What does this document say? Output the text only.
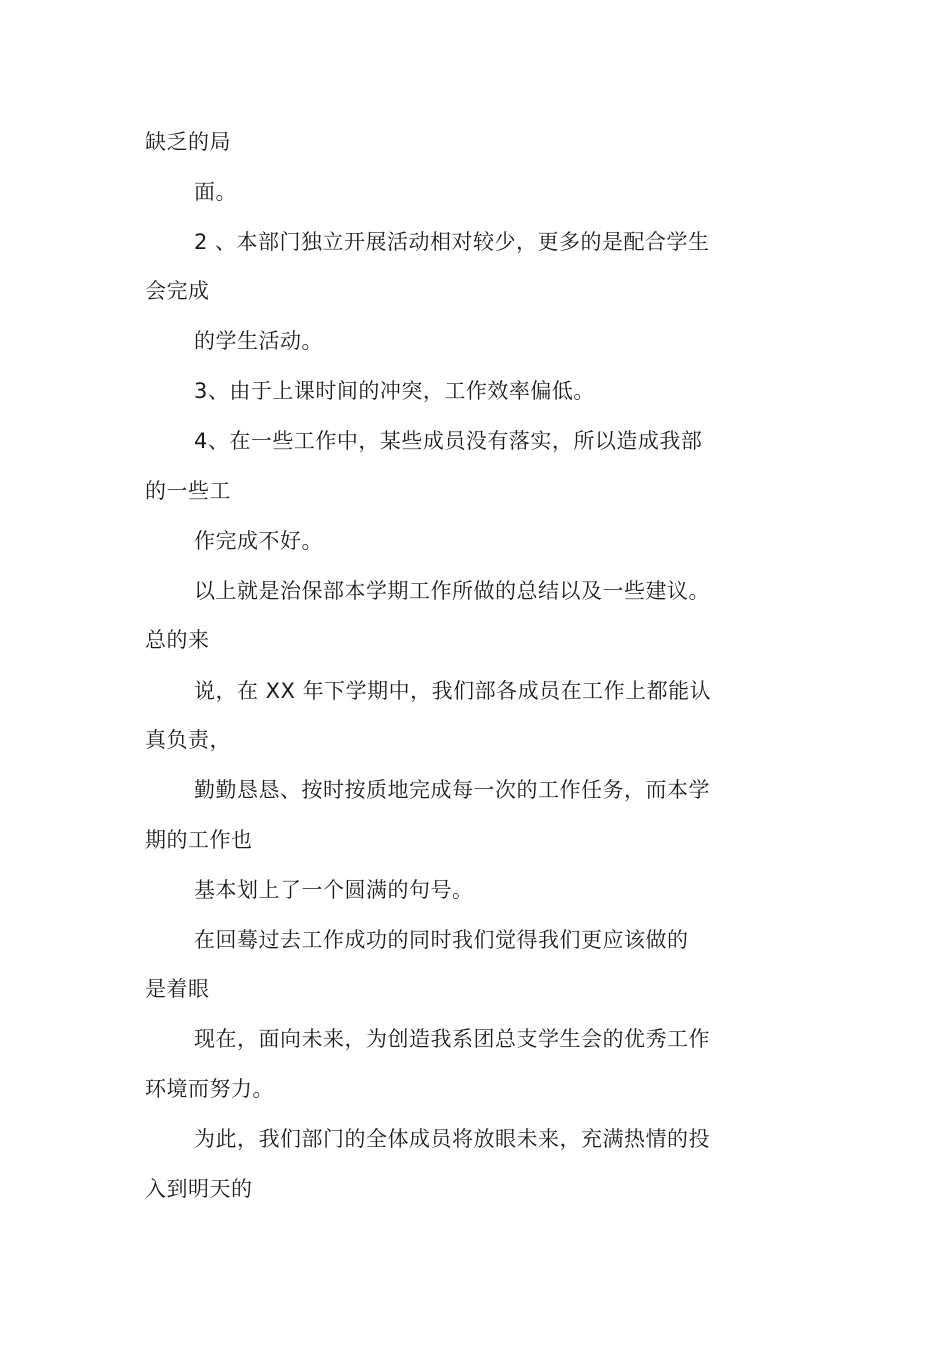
缺乏的局
面。
2 、本部门独立开展活动相对较少，更多的是配合学生
会完成
的学生活动。
3、由于上课时间的冲突，工作效率偏低。
4、在一些工作中，某些成员没有落实，所以造成我部
的一些工
作完成不好。
以上就是治保部本学期工作所做的总结以及一些建议。
总的来
说，在 XX 年下学期中，我们部各成员在工作上都能认
真负责，
勤勤恳恳、按时按质地完成每一次的工作任务，而本学
期的工作也
基本划上了一个圆满的句号。
在回蓦过去工作成功的同时我们觉得我们更应该做的
是着眼
现在，面向未来，为创造我系团总支学生会的优秀工作
环境而努力。
为此，我们部门的全体成员将放眼未来，充满热情的投
入到明天的
